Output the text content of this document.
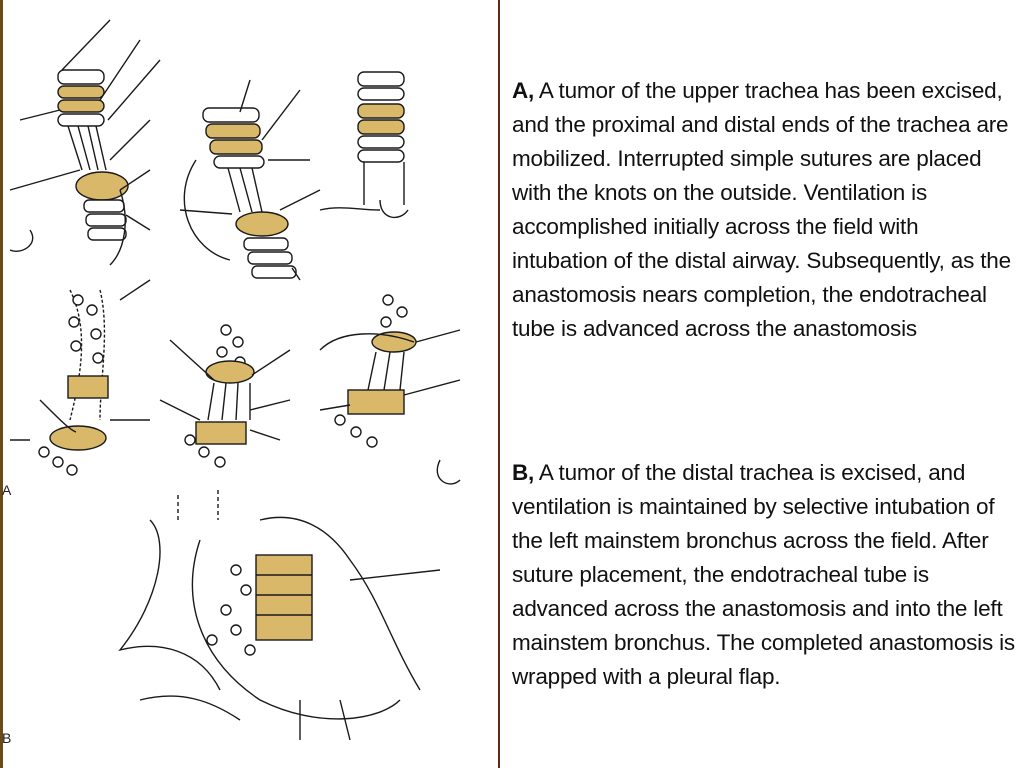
A
B
A, A tumor of the upper trachea has been excised, and the proximal and distal ends of the trachea are mobilized. Interrupted simple sutures are placed with the knots on the outside. Ventilation is accomplished initially across the field with intubation of the distal airway. Subsequently, as the anastomosis nears completion, the endotracheal tube is advanced across the anastomosis
B, A tumor of the distal trachea is excised, and ventilation is maintained by selective intubation of the left mainstem bronchus across the field. After suture placement, the endotracheal tube is advanced across the anastomosis and into the left mainstem bronchus. The completed anastomosis is wrapped with a pleural flap.
